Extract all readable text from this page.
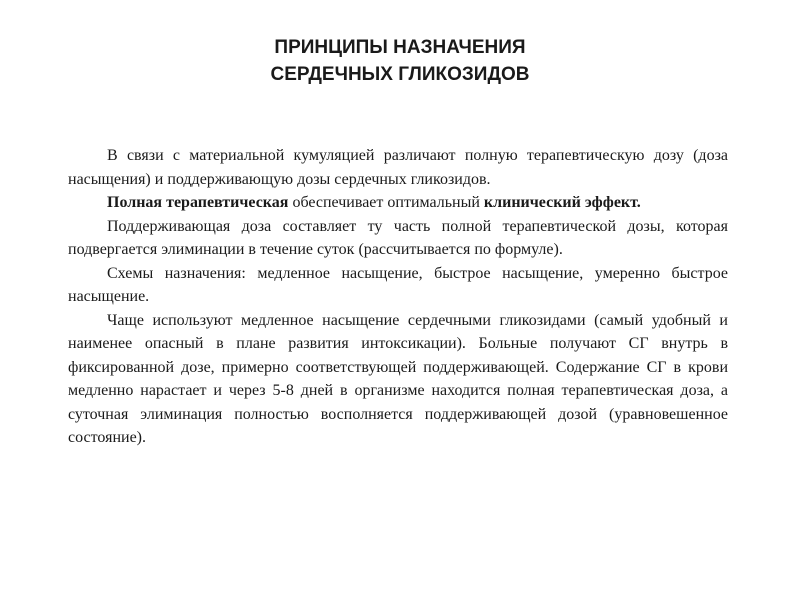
ПРИНЦИПЫ НАЗНАЧЕНИЯ
СЕРДЕЧНЫХ ГЛИКОЗИДОВ

В связи с материальной кумуляцией различают полную терапевтическую дозу (доза насыщения) и поддерживающую дозы сердечных гликозидов.

Полная терапевтическая обеспечивает оптимальный клинический эффект.

Поддерживающая доза составляет ту часть полной терапевтической дозы, которая подвергается элиминации в течение суток (рассчитывается по формуле).

Схемы назначения: медленное насыщение, быстрое насыщение, умеренно быстрое насыщение.

Чаще используют медленное насыщение сердечными гликозидами (самый удобный и наименее опасный в плане развития интоксикации). Больные получают СГ внутрь в фиксированной дозе, примерно соответствующей поддерживающей. Содержание СГ в крови медленно нарастает и через 5-8 дней в организме находится полная терапевтическая доза, а суточная элиминация полностью восполняется поддерживающей дозой (уравновешенное состояние).
